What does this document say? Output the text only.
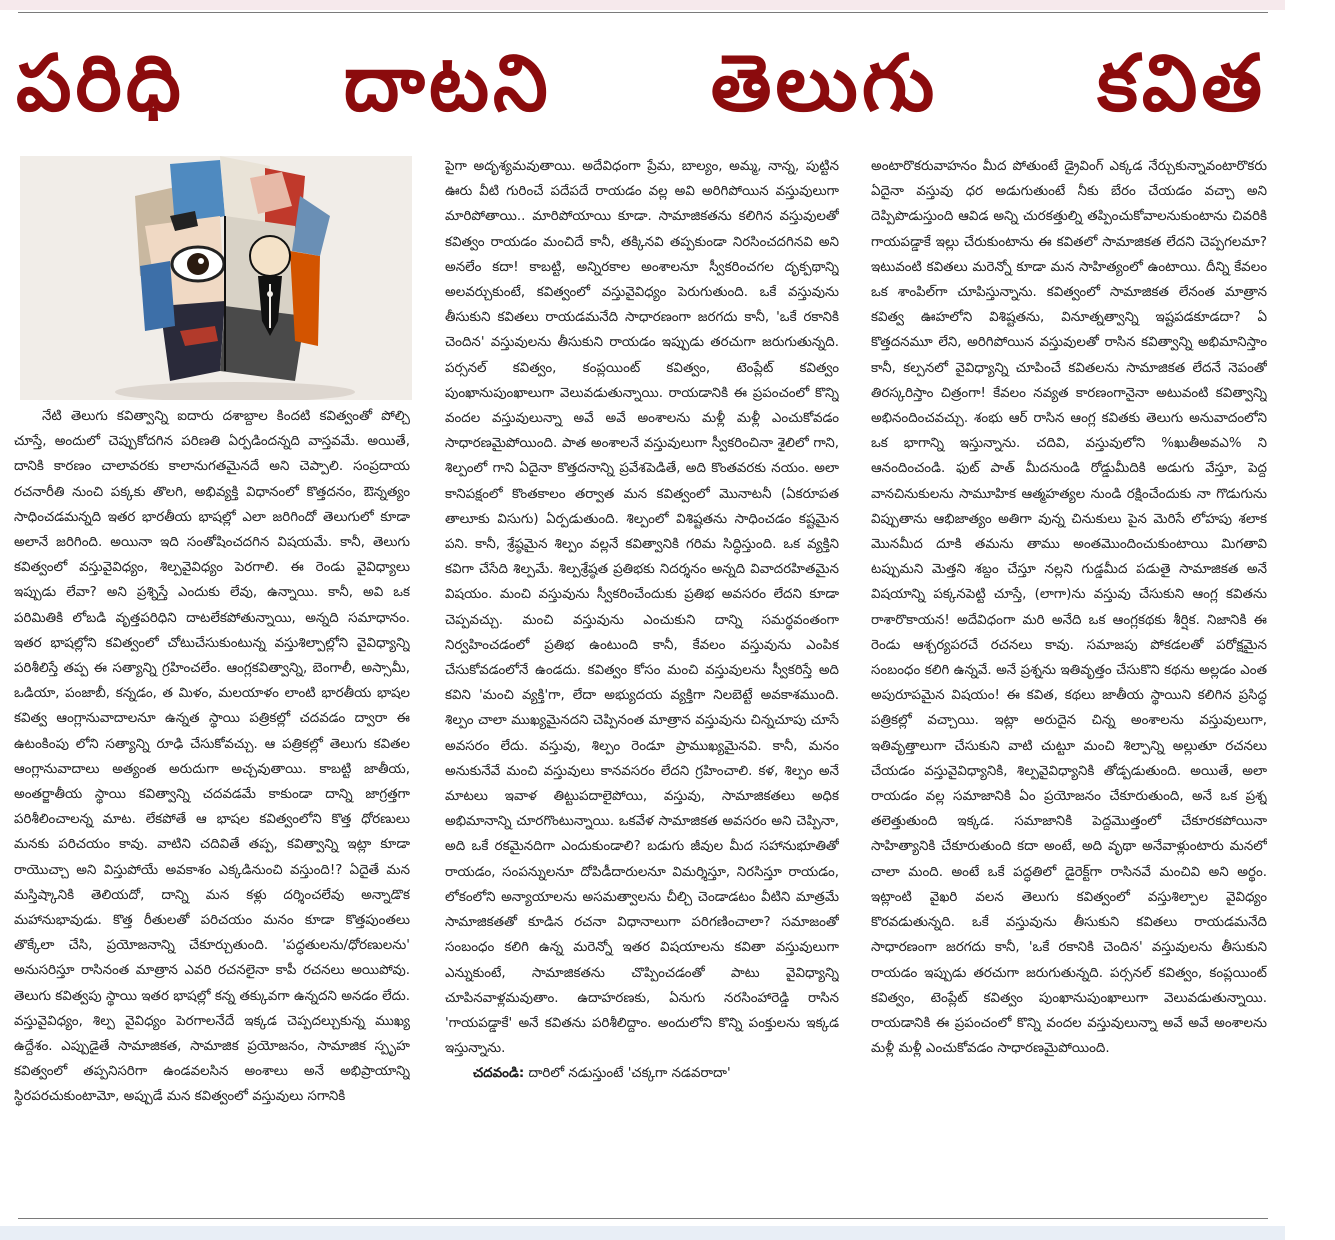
పరిధి దాటని తెలుగు కవిత

నేటి తెలుగు కవిత్వాన్ని ఐదారు దశాబ్దాల కిందటి కవిత్వంతో పోల్చి చూస్తే, అందులో చెప్పుకోదగిన పరిణతి ఏర్పడిందన్నది వాస్తవమే. అయితే, దానికి కారణం చాలావరకు కాలానుగతమైనదే అని చెప్పాలి. సంప్రదాయ రచనారీతి నుంచి పక్కకు తొలగి, అభివ్యక్తి విధానంలో కొత్తదనం, ఔన్నత్యం సాధించడమన్నది ఇతర భారతీయ భాషల్లో ఎలా జరిగిందో తెలుగులో కూడా అలానే జరిగింది. అయినా ఇది సంతోషించదగిన విషయమే. కానీ, తెలుగు కవిత్వంలో వస్తువైవిధ్యం, శిల్పవైవిధ్యం పెరగాలి. ఈ రెండు వైవిధ్యాలు ఇప్పుడు లేవా? అని ప్రశ్నిస్తే ఎందుకు లేవు, ఉన్నాయి. కానీ, అవి ఒక పరిమితికి లోబడి వృత్తపరిధిని దాటలేకపోతున్నాయి, అన్నది సమాధానం. ఇతర భాషల్లోని కవిత్వంలో చోటుచేసుకుంటున్న వస్తుశిల్పాల్లోని వైవిధ్యాన్ని పరిశీలిస్తే తప్ప ఈ సత్యాన్ని గ్రహించలేం. ఆంగ్లకవిత్వాన్ని, బెంగాలీ, అస్సామీ, ఒడియా, పంజాబీ, కన్నడం, త మిళం, మలయాళం లాంటి భారతీయ భాషల కవిత్వ ఆంగ్లానువాదాలనూ ఉన్నత స్థాయి పత్రికల్లో చదవడం ద్వారా ఈ ఉటంకింపు లోని సత్యాన్ని రూఢి చేసుకోవచ్చు. ఆ పత్రికల్లో తెలుగు కవితల ఆంగ్లానువాదాలు అత్యంత అరుదుగా అచ్చవుతాయి. కాబట్టి జాతీయ, అంతర్జాతీయ స్థాయి కవిత్వాన్ని చదవడమే కాకుండా దాన్ని జాగ్రత్తగా పరిశీలించాలన్న మాట. లేకపోతే ఆ భాషల కవిత్వంలోని కొత్త ధోరణులు మనకు పరిచయం కావు. వాటిని చదివితే తప్ప, కవిత్వాన్ని ఇట్లా కూడా రాయొచ్చా అని విస్తుపోయే అవకాశం ఎక్కడినుంచి వస్తుంది!? ఏదైతే మన మస్తిష్కానికి తెలియదో, దాన్ని మన కళ్లు దర్శించలేవు అన్నాడొక మహానుభావుడు. కొత్త రీతులతో పరిచయం మనం కూడా కొత్తపుంతలు తొక్కేలా చేసి, ప్రయోజనాన్ని చేకూర్చుతుంది. 'పద్ధతులను/ధోరణులను' అనుసరిస్తూ రాసినంత మాత్రాన ఎవరి రచనలైనా కాపీ రచనలు అయిపోవు. తెలుగు కవిత్వపు స్థాయి ఇతర భాషల్లో కన్న తక్కువగా ఉన్నదని అనడం లేదు. వస్తువైవిధ్యం, శిల్ప వైవిధ్యం పెరగాలనేదే ఇక్కడ చెప్పదల్చుకున్న ముఖ్య ఉద్దేశం. ఎప్పుడైతే సామాజికత, సామాజిక ప్రయోజనం, సామాజిక స్పృహ కవిత్వంలో తప్పనిసరిగా ఉండవలసిన అంశాలు అనే అభిప్రాయాన్ని స్థిరపరచుకుంటామో, అప్పుడే మన కవిత్వంలో వస్తువులు సగానికి

పైగా అదృశ్యమవుతాయి. అదేవిధంగా ప్రేమ, బాల్యం, అమ్మ, నాన్న, పుట్టిన ఊరు వీటి గురించే పదేపదే రాయడం వల్ల అవి అరిగిపోయిన వస్తువులుగా మారిపోతాయి.. మారిపోయాయి కూడా. సామాజికతను కలిగిన వస్తువులతో కవిత్వం రాయడం మంచిదే కానీ, తక్కినవి తప్పకుండా నిరసించదగినవి అని అనలేం కదా! కాబట్టి, అన్నిరకాల అంశాలనూ స్వీకరించగల దృక్పథాన్ని అలవర్చుకుంటే, కవిత్వంలో వస్తువైవిధ్యం పెరుగుతుంది. ఒకే వస్తువును తీసుకుని కవితలు రాయడమనేది సాధారణంగా జరగదు కానీ, 'ఒకే రకానికి చెందిన' వస్తువులను తీసుకుని రాయడం ఇప్పుడు తరచుగా జరుగుతున్నది. పర్సనల్ కవిత్వం, కంప్లయింట్ కవిత్వం, టెంప్లేట్ కవిత్వం పుంఖానుపుంఖాలుగా వెలువడుతున్నాయి. రాయడానికి ఈ ప్రపంచంలో కొన్ని వందల వస్తువులున్నా అవే అవే అంశాలను మళ్లీ మళ్లీ ఎంచుకోవడం సాధారణమైపోయింది. పాత అంశాలనే వస్తువులుగా స్వీకరించినా శైలిలో గాని, శిల్పంలో గాని ఏదైనా కొత్తదనాన్ని ప్రవేశపెడితే, అది కొంతవరకు నయం. అలా కానిపక్షంలో కొంతకాలం తర్వాత మన కవిత్వంలో మొనాటనీ (ఏకరూపత తాలూకు విసుగు) ఏర్పడుతుంది. శిల్పంలో విశిష్టతను సాధించడం కష్టమైన పని. కానీ, శ్రేష్ఠమైన శిల్పం వల్లనే కవిత్వానికి గరిమ సిద్ధిస్తుంది. ఒక వ్యక్తిని కవిగా చేసేది శిల్పమే. శిల్పశ్రేష్ఠత ప్రతిభకు నిదర్శనం అన్నది వివాదరహితమైన విషయం. మంచి వస్తువును స్వీకరించేందుకు ప్రతిభ అవసరం లేదని కూడా చెప్పవచ్చు. మంచి వస్తువును ఎంచుకుని దాన్ని సమర్థవంతంగా నిర్వహించడంలో ప్రతిభ ఉంటుంది కానీ, కేవలం వస్తువును ఎంపిక చేసుకోవడంలోనే ఉండదు. కవిత్వం కోసం మంచి వస్తువులను స్వీకరిస్తే అది కవిని 'మంచి వ్యక్తి'గా, లేదా అభ్యుదయ వ్యక్తిగా నిలబెట్టే అవకాశముంది. శిల్పం చాలా ముఖ్యమైనదని చెప్పినంత మాత్రాన వస్తువును చిన్నచూపు చూసే అవసరం లేదు. వస్తువు, శిల్పం రెండూ ప్రాముఖ్యమైనవి. కానీ, మనం అనుకునేవే మంచి వస్తువులు కానవసరం లేదని గ్రహించాలి. కళ, శిల్పం అనే మాటలు ఇవాళ తిట్టుపదాలైపోయి, వస్తువు, సామాజికతలు అధిక అభిమానాన్ని చూరగొంటున్నాయి. ఒకవేళ సామాజికత అవసరం అని చెప్పినా, అది ఒకే రకమైనదిగా ఎందుకుండాలి? బడుగు జీవుల మీద సహానుభూతితో రాయడం, సంపన్నులనూ దోపిడీదారులనూ విమర్శిస్తూ, నిరసిస్తూ రాయడం, లోకంలోని అన్యాయాలను అసమత్వాలను చీల్చి చెండాడటం వీటిని మాత్రమే సామాజికతతో కూడిన రచనా విధానాలుగా పరిగణించాలా? సమాజంతో సంబంధం కలిగి ఉన్న మరెన్నో ఇతర విషయాలను కవితా వస్తువులుగా ఎన్నుకుంటే, సామాజికతను చొప్పించడంతో పాటు వైవిధ్యాన్ని చూపినవాళ్లమవుతాం. ఉదాహరణకు, ఏనుగు నరసింహారెడ్డి రాసిన 'గాయపడ్డాకే' అనే కవితను పరిశీలిద్దాం. అందులోని కొన్ని పంక్తులను ఇక్కడ ఇస్తున్నాను.

చదవండి: దారిలో నడుస్తుంటే 'చక్కగా నడవరాదా'

అంటారొకరువాహనం మీద పోతుంటే డ్రైవింగ్ ఎక్కడ నేర్చుకున్నావంటారొకరు ఏదైనా వస్తువు ధర అడుగుతుంటే నీకు బేరం చేయడం వచ్చా అని దెప్పిపొడుస్తుంది ఆవిడ అన్ని చురకత్తుల్ని తప్పించుకోవాలనుకుంటాను చివరికి గాయపడ్డాకే ఇల్లు చేరుకుంటాను ఈ కవితలో సామాజికత లేదని చెప్పగలమా? ఇటువంటి కవితలు మరెన్నో కూడా మన సాహిత్యంలో ఉంటాయి. దీన్ని కేవలం ఒక శాంపిల్‌గా చూపిస్తున్నాను. కవిత్వంలో సామాజికత లేనంత మాత్రాన కవిత్వ ఊహలోని విశిష్టతను, వినూత్నత్వాన్ని ఇష్టపడకూడదా? ఏ కొత్తదనమూ లేని, అరిగిపోయిన వస్తువులతో రాసిన కవిత్వాన్ని అభిమానిస్తాం కానీ, కల్పనలో వైవిధ్యాన్ని చూపించే కవితలను సామాజికత లేదనే నెపంతో తిరస్కరిస్తాం చిత్రంగా! కేవలం నవ్యత కారణంగానైనా అటువంటి కవిత్వాన్ని అభినందించవచ్చు. శంభు ఆర్ రాసిన ఆంగ్ల కవితకు తెలుగు అనువాదంలోని ఒక భాగాన్ని ఇస్తున్నాను. చదివి, వస్తువులోని %ఖుతీఅవఎ% ని ఆనందించండి. ఫుట్ పాత్ మీదనుండి రోడ్డుమీదికి అడుగు వేస్తూ, పెద్ద వానచినుకులను సామూహిక ఆత్మహత్యల నుండి రక్షించేందుకు నా గొడుగును విప్పుతాను ఆభిజాత్యం అతిగా వున్న చినుకులు పైన మెరిసే లోహపు శలాక మొనమీద దూకి తమను తాము అంతమొందించుకుంటాయి మిగతావి టప్పుమని మెత్తని శబ్దం చేస్తూ నల్లని గుడ్డమీద పడుతై సామాజికత అనే విషయాన్ని పక్కనపెట్టి చూస్తే, (లాగా)ను వస్తువు చేసుకుని ఆంగ్ల కవితను రాశారొకాయన! అదేవిధంగా మరి అనేది ఒక ఆంగ్లకథకు శీర్షిక. నిజానికి ఈ రెండు ఆశ్చర్యపరచే రచనలు కావు. సమాజపు పోకడలతో పరోక్షమైన సంబంధం కలిగి ఉన్నవే. అనే ప్రశ్నను ఇతివృత్తం చేసుకొని కథను అల్లడం ఎంత అపురూపమైన విషయం! ఈ కవిత, కథలు జాతీయ స్థాయిని కలిగిన ప్రసిద్ధ పత్రికల్లో వచ్చాయి. ఇట్లా అరుదైన చిన్న అంశాలను వస్తువులుగా, ఇతివృత్తాలుగా చేసుకుని వాటి చుట్టూ మంచి శిల్పాన్ని అల్లుతూ రచనలు చేయడం వస్తువైవిధ్యానికి, శిల్పవైవిధ్యానికి తోడ్పడుతుంది. అయితే, అలా రాయడం వల్ల సమాజానికి ఏం ప్రయోజనం చేకూరుతుంది, అనే ఒక ప్రశ్న తలెత్తుతుంది ఇక్కడ. సమాజానికి పెద్దమొత్తంలో చేకూరకపోయినా సాహిత్యానికి చేకూరుతుంది కదా అంటే, అది వృథా అనేవాళ్లుంటారు మనలో చాలా మంది. అంటే ఒకే పద్ధతిలో డైరెక్ట్‌గా రాసినవే మంచివి అని అర్థం. ఇట్లాంటి వైఖరి వలన తెలుగు కవిత్వంలో వస్తుశిల్పాల వైవిధ్యం కొరవడుతున్నది. ఒకే వస్తువును తీసుకుని కవితలు రాయడమనేది సాధారణంగా జరగదు కానీ, 'ఒకే రకానికి చెందిన' వస్తువులను తీసుకుని రాయడం ఇప్పుడు తరచుగా జరుగుతున్నది. పర్సనల్ కవిత్వం, కంప్లయింట్ కవిత్వం, టెంప్లేట్ కవిత్వం పుంఖానుపుంఖాలుగా వెలువడుతున్నాయి. రాయడానికి ఈ ప్రపంచంలో కొన్ని వందల వస్తువులున్నా అవే అవే అంశాలను మళ్లీ మళ్లీ ఎంచుకోవడం సాధారణమైపోయింది.
